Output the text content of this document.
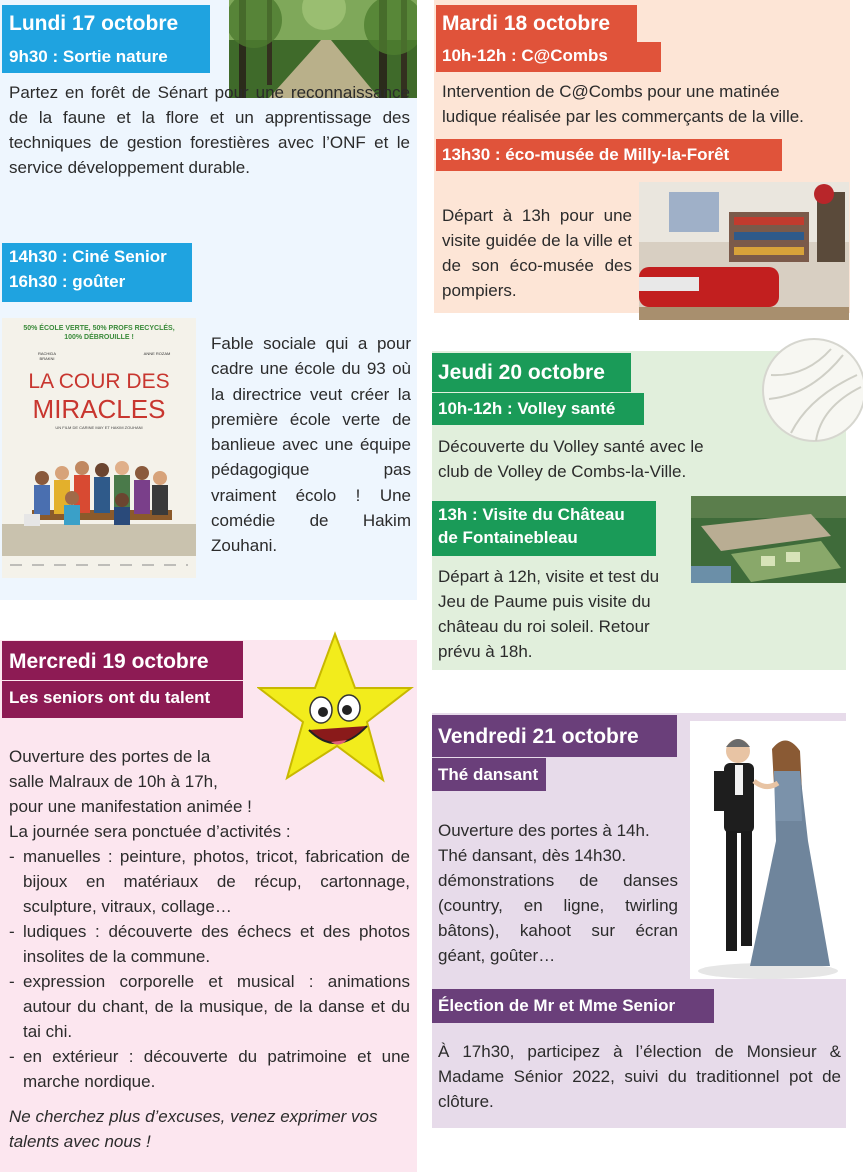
Lundi 17 octobre
9h30 : Sortie nature
Partez en forêt de Sénart pour une reconnaissance de la faune et la flore et un apprentissage des techniques de gestion forestières avec l’ONF et le service développement durable.
14h30 : Ciné Senior
16h30 : goûter
50% ÉCOLE VERTE, 50% PROFS RECYCLÉS, 100% DÉBROUILLE !
RACHIDA BRAKNI
ANNE ROZAM
LA COUR DES
MIRACLES
UN FILM DE CARINE MAY ET HAKIM ZOUHANI
Fable sociale qui a pour cadre une école du 93 où la directrice veut créer la première école verte de banlieue avec une équipe pédagogique pas vraiment écolo ! Une comédie de Hakim Zouhani.
Mardi 18 octobre
10h-12h : C@Combs
Intervention de C@Combs pour une matinée ludique réalisée par les commerçants de la ville.
13h30 : éco-musée de Milly-la-Forêt
Départ à 13h pour une visite guidée de la ville et de son éco-musée des pompiers.
Jeudi 20 octobre
10h-12h : Volley santé
Découverte du Volley santé avec le club de Volley de Combs-la-Ville.
13h : Visite du Château
de Fontainebleau
Départ à 12h, visite et test du Jeu de Paume puis visite du château du roi soleil. Retour prévu à 18h.
Mercredi 19 octobre
Les seniors ont du talent
Ouverture des portes de la
salle Malraux de 10h à 17h,
pour une manifestation animée !
La journée sera ponctuée d’activités :
- manuelles : peinture, photos, tricot, fabrication de bijoux en matériaux de récup, cartonnage, sculpture, vitraux, collage…
- ludiques : découverte des échecs et des photos insolites de la commune.
- expression corporelle et musical : animations autour du chant, de la musique, de la danse et du tai chi.
- en extérieur : découverte du patrimoine et une marche nordique.
Ne cherchez plus d’excuses, venez exprimer vos talents avec nous !
Vendredi 21 octobre
Thé dansant
Ouverture des portes à 14h.
Thé dansant, dès 14h30.
démonstrations de danses (country, en ligne, twirling bâtons), kahoot sur écran géant, goûter…
Élection de Mr et Mme Senior
À 17h30, participez à l’élection de Monsieur & Madame Sénior 2022, suivi du traditionnel pot de clôture.
